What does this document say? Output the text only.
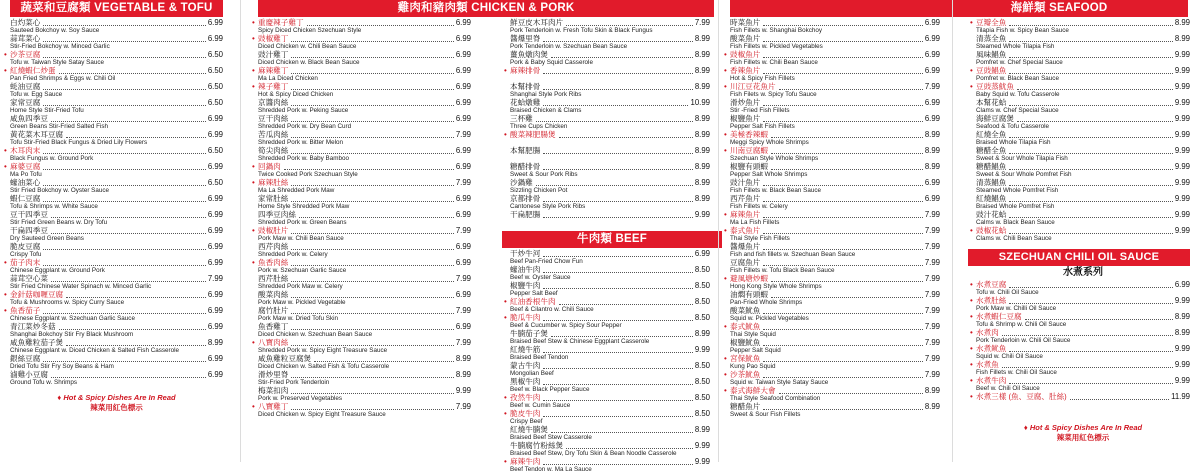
蔬菜和豆腐類 VEGETABLE & TOFU
白灼菜心	6.99
Sauteed Bokchoy w. Soy Sauce
蒜茸菜心	6.99
Stir-Fried Bokchoy w. Minced Garlic
• 沙茶豆腐	6.50
Tofu w. Taiwan Style Satay Sauce
• 紅燒蝦仁炒蛋	6.50
Pan Fried Shrimps & Eggs w. Chili Oil
蚝油豆腐	6.50
Tofu w. Egg Sauce
家常豆腐	6.50
Home Style Stir-Fried Tofu
咸魚四季豆	6.99
Green Beans Stir-Fried Salted Fish
黃花菜木耳豆腐	6.99
Tofu Stir-Fried Black Fungus & Dried Lily Flowers
• 木耳肉末	6.50
Black Fungus w. Ground Pork
• 麻婆豆腐	6.99
Ma Po Tofu
蠔油菜心	6.50
Stir Fried Bokchoy w. Oyster Sauce
蝦仁豆腐	6.99
Tofu & Shrimps w. White Sauce
豆干四季豆	6.99
Stir Fried Green Beans w. Dry Tofu
干扁四季豆	6.99
Dry Sauteed Green Beans
脆皮豆腐	6.99
Crispy Tofu
• 茄子肉末	6.99
Chinese Eggplant w. Ground Pork
蒜茸空心菜	7.99
Stir Fried Chinese Water Spinach w. Minced Garlic
• 金針菇咖喱豆腐	6.99
Tofu & Mushrooms w. Spicy Curry Sauce
• 魚香茄子	6.99
Chinese Eggplant w. Szechuan Garlic Sauce
青江菜炒冬菇	6.99
Shanghai Bokchoy Stir Fry Black Mushroom
咸魚雞粒茄子煲	8.99
Chinese Eggplant w. Diced Chicken & Salted Fish Casserole
銀絲豆腐	6.99
Dried Tofu Stir Fry Soy Beans & Ham
滷雞小豆腐	6.99
Ground Tofu w. Shrimps
♦ Hot & Spicy Dishes Are In Read
辣菜用紅色標示

• 重慶辣子雞丁	6.99
Spicy Diced Chicken Szechuan Style
• 豉椒雞丁	6.99
Diced Chicken w. Chili Bean Sauce
豉汁雞丁	6.99
Diced Chicken w. Black Bean Sauce
• 麻辣雞丁	6.99
Ma La Diced Chicken
• 辣子雞丁	6.99
Hot & Spicy Diced Chicken
京醬肉絲	6.99
Shredded Pork w. Peking Sauce
豆干肉絲	6.99
Shredded Pork w. Dry Bean Curd
苦瓜肉絲	7.99
Shredded Pork w. Bitter Melon
筍尖肉絲	6.99
Shredded Pork w. Baby Bamboo
• 回鍋肉	6.99
Twice Cooked Pork Szechuan Style
• 麻辣肚絲	7.99
Ma La Shredded Pork Maw
家常肚絲	6.99
Home Style Shredded Pork Maw
四季豆肉絲	6.99
Shredded Pork w. Green Beans
• 豉椒肚片	7.99
Pork Maw w. Chili Bean Sauce
西芹肉絲	6.99
Shredded Pork w. Celery
• 魚香肉絲	6.99
Pork w. Szechuan Garlic Sauce
西芹肚絲	7.99
Shredded Pork Maw w. Celery
酸菜肉絲	6.99
Pork Maw w. Pickled Vegetable
腐竹肚片	7.99
Pork Maw w. Dried Tofu Skin
魚香雞丁	6.99
Diced Chicken w. Szechuan Bean Sauce
• 八寶肉絲	7.99
Shredded Pork w. Spicy Eight Treasure Sauce
咸魚雞粒豆腐煲	8.99
Diced Chicken w. Salted Fish & Tofu Casserole
滑炒里脊	8.99
Stir-Fried Pork Tenderloin
梅菜扣肉	9.99
Pork w. Preserved Vegetables
• 八寶雞丁	7.99
Diced Chicken w. Spicy Eight Treasure Sauce
雞肉和豬肉類 CHICKEN & PORK
鮮豆皮木耳肉片	7.99
Pork Tenderloin w. Fresh Tofu Skin & Black Fungus
醬爆里脊	8.99
Pork Tenderloin w. Szechuan Bean Sauce
薑魚燉肉煲	8.99
Pork & Baby Squid Casserole
• 麻辣排骨	8.99
本幫排骨	8.99
Shanghai Style Pork Ribs
花蛤燉雞	10.99
Braised Chicken & Clams
三杯雞	8.99
Three Cups Chicken
• 酸菜辣肥腸煲	8.99
本幫肥腸	8.99
糖醋排骨	8.99
Sweet & Sour Pork Ribs
沙鍋雞	8.99
Sizzling Chicken Pot
京都排骨	8.99
Cantonese Style Pork Ribs
干扁肥腸	9.99
牛肉類 BEEF
干炒牛河	6.99
Beef Pan-Fried Chow Fun
蠔油牛肉	8.50
Beef w. Oyster Sauce
椒鹽牛肉	8.50
Pepper Salt Beef
• 紅油香根牛肉	8.50
Beef & Cilantro w. Chili Sauce
• 脆瓜牛肉	8.50
Beef & Cucumber w. Spicy Sour Pepper
牛腩茄子煲	8.99
Braised Beef Stew & Chinese Eggplant Casserole
紅燒牛筋	9.99
Braised Beef Tendon
蒙古牛肉	8.50
Mongolian Beef
黑椒牛肉	8.50
Beef w. Black Pepper Sauce
• 孜然牛肉	8.50
Beef w. Cumin Sauce
• 脆皮牛肉	8.50
Crispy Beef
紅燒牛腩煲	8.99
Braised Beef Stew Casserole
牛腩腐竹粉絲煲	9.99
Braised Beef Stew, Dry Tofu Skin & Bean Noodle Casserole
• 麻辣牛肉	9.99
Beef Tendon w. Ma La Sauce
海鮮類 SEAFOOD
時菜魚片	6.99
Fish Fillets w. Shanghai Bokchoy
酸菜魚片	6.99
Fish Fillets w. Pickled Vegetables
• 豉椒魚片	6.99
Fish Fillets w. Chili Bean Sauce
• 香辣魚片	6.99
Hot & Spicy Fish Fillets
• 川江豆花魚片	7.99
Fish Filets w. Spicy Tofu Sauce
滑炒魚片	6.99
Stir -Fried Fish Fillets
椒鹽魚片	6.99
Pepper Salt Fish Fillets
• 美極香辣蝦	8.99
Meggi Spicy Whole Shrimps
• 川南豆腐蝦	8.99
Szechuan Style Whole Shrimps
椒鹽有頭蝦	8.99
Pepper Salt Whole Shrimps
豉汁魚片	6.99
Fish Fillets w. Black Bean Sauce
西芹魚片	6.99
Fish Fillets w. Celery
• 麻辣魚片	7.99
Ma La Fish Fillets
• 泰式魚片	7.99
Thai Style Fish Fillets
醬爆魚片	7.99
Fish and fish fillets w. Szechuan Bean Sauce
豆腐魚片	7.99
Fish Fillets w. Tofu Black Bean Sauce
• 避風塘炒蝦	7.99
Hong Kong Style Whole Shrimps
油燜有頭蝦	7.99
Pan-Fried Whole Shrimps
酸菜魷魚	7.99
Squid w. Pickled Vegetables
• 泰式魷魚	7.99
Thai Style Squid
椒鹽魷魚	7.99
Pepper Salt Squid
• 宮保魷魚	7.99
Kung Pao Squid
• 沙茶魷魚	7.99
Squid w. Taiwan Style Satay Sauce
• 泰式海鮮大會	8.99
Thai Style Seafood Combination
糖醋魚片	8.99
Sweet & Sour Fish Fillets
• 豆瓣全魚	8.99
Tilapia Fish w. Spicy Bean Sauce
清蒸全魚	8.99
Steamed Whole Tilapia Fish
風味鯧魚	9.99
Pomfret w. Chef Special Sauce
• 豆豉鯧魚	9.99
Pomfret w. Black Bean Sauce
• 豆豉蒸魷魚	9.99
Baby Squid w. Tofu Casserole
本幫花蛤	9.99
Clams w. Chef Special Sauce
海鮮豆腐煲	9.99
Seafood & Tofu Casserole
紅燒全魚	9.99
Braised Whole Tilapia Fish
糖醋全魚	9.99
Sweet & Sour Whole Tilapia Fish
糖醋鯧魚	9.99
Sweet & Sour Whole Pomfret Fish
清蒸鯧魚	9.99
Steamed Whole Pomfret Fish
紅燒鯧魚	9.99
Braised Whole Pomfret Fish
豉汁花蛤	9.99
Calms w. Black Bean Sauce
• 豉椒花蛤	9.99
Clams w. Chili Bean Sauce
SZECHUAN CHILI OIL SAUCE
水煮系列
• 水煮豆腐	6.99
Tofu w. Chili Oil Sauce
• 水煮肚絲	9.99
Pork Maw w. Chilli Oil Sauce
• 水煮蝦仁豆腐	8.99
Tofu & Shrimp w. Chili Oil Sauce
• 水煮肉	8.99
Pork Tenderloin w. Chili Oil Sauce
• 水煮鱿魚	9.99
Squid w. Chili Oil Sauce
• 水煮魚	9.99
Fish Fillets w. Chili Oil Sauce
• 水煮牛肉	9.99
Beef w. Chili Oil Sauce
• 水煮三樣 (魚、豆腐、肚絲)	11.99
♦ Hot & Spicy Dishes Are In Read
辣菜用紅色標示
